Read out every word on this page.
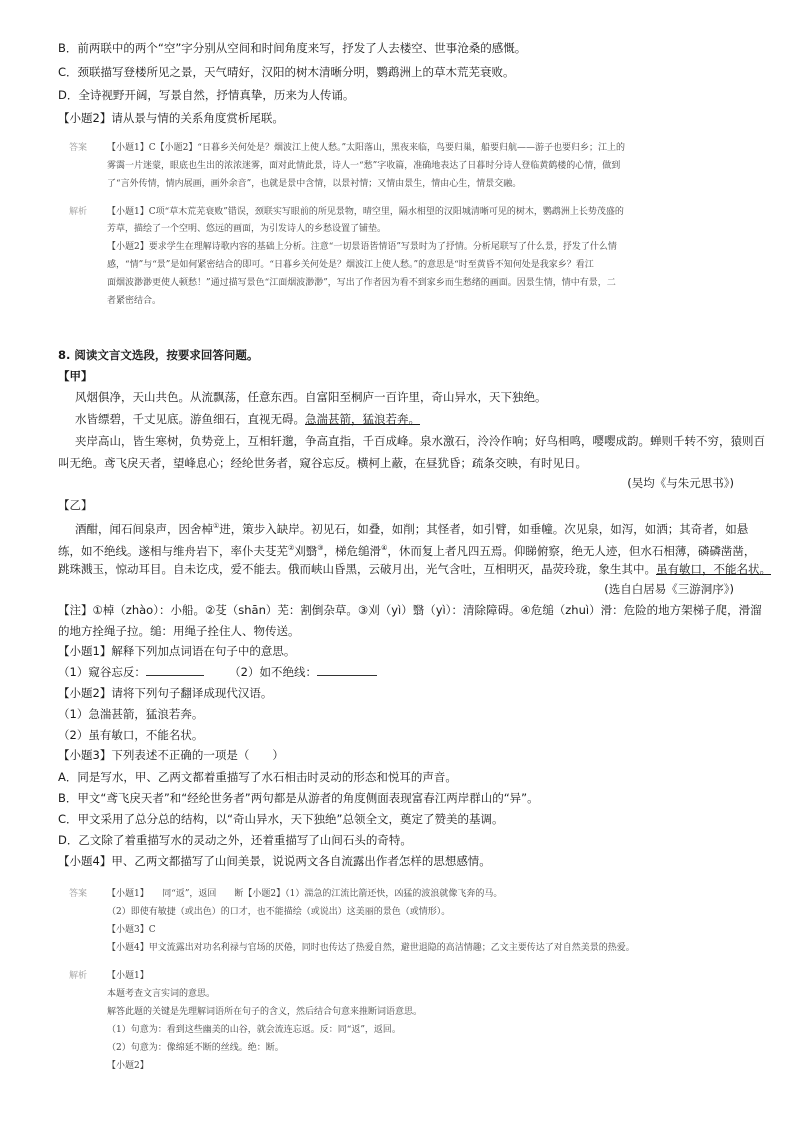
B．前两联中的两个“空”字分别从空间和时间角度来写，抒发了人去楼空、世事沧桑的感慨。
C．颈联描写登楼所见之景，天气晴好，汉阳的树木清晰分明，鹦鹉洲上的草木荒芜衰败。
D．全诗视野开阔，写景自然，抒情真挚，历来为人传诵。
【小题2】请从景与情的关系角度赏析尾联。
答案 【小题1】C【小题2】“日暮乡关何处是？烟波江上使人愁。”太阳落山，黑夜来临，鸟要归巢，船要归航——游子也要归乡；江上的
雾霭一片迷蒙，眼底也生出的浓浓迷雾，面对此情此景，诗人一“愁”字收篇，准确地表达了日暮时分诗人登临黄鹤楼的心情，做到
了“言外传情，情内展画，画外余音”，也就是景中含情，以景衬情；又情由景生，情由心生，情景交融。
解析 【小题1】C项“草木荒芜衰败”错误，颈联实写眼前的所见景物，晴空里，隔水相望的汉阳城清晰可见的树木，鹦鹉洲上长势茂盛的
芳草，描绘了一个空明、悠远的画面，为引发诗人的乡愁设置了铺垫。
【小题2】要求学生在理解诗歌内容的基础上分析。注意“一切景语皆情语”写景时为了抒情。分析尾联写了什么景，抒发了什么情
感，“情”与“景”是如何紧密结合的即可。“日暮乡关何处是？烟波江上使人愁。”的意思是“时至黄昏不知何处是我家乡？看江
面烟波渺渺更使人顿愁！”通过描写景色“江面烟波渺渺”，写出了作者因为看不到家乡而生愁绪的画面。因景生情，情中有景，二
者紧密结合。
8. 阅读文言文选段，按要求回答问题。
【甲】
风烟俱净，天山共色。从流飘荡，任意东西。自富阳至桐庐一百许里，奇山异水，天下独绝。
水皆缥碧，千丈见底。游鱼细石，直视无碍。急湍甚箭，猛浪若奔。
夹岸高山，皆生寒树，负势竞上，互相轩邈，争高直指，千百成峰。泉水激石，泠泠作响；好鸟相鸣，嘤嘤成韵。蝉则千转不穷，猿则百
叫无绝。鸢飞戾天者，望峰息心；经纶世务者，窥谷忘反。横柯上蔽，在昼犹昏；疏条交映，有时见日。
(吴均《与朱元思书》)
【乙】
酒酣，闻石间泉声，因舍棹①进，策步入缺岸。初见石，如叠，如削；其怪者，如引臂，如垂幢。次见泉，如泻，如洒；其奇者，如悬
练，如不绝线。遂相与维舟岩下，率仆夫芟芜②刈翳③，梯危缒滑④，休而复上者凡四五焉。仰睇俯察，绝无人迹，但水石相薄，磷磷凿凿，
跳珠溅玉，惊动耳目。自未讫戌，爱不能去。俄而峡山昏黑，云破月出，光气含吐，互相明灭，晶荧玲珑，象生其中。虽有敏口，不能名状。
(选自白居易《三游洞序》)
【注】①棹（zhào）：小船。②芟（shān）芜：割倒杂草。③刈（yì）翳（yì）：清除障碍。④危缒（zhuì）滑：危险的地方架梯子爬，滑溜
的地方拴绳子拉。缒：用绳子拴住人、物传送。
【小题1】解释下列加点词语在句子中的意思。
（1）窥谷忘反：	（2）如不绝线：
【小题2】请将下列句子翻译成现代汉语。
（1）急湍甚箭，猛浪若奔。
（2）虽有敏口，不能名状。
【小题3】下列表述不正确的一项是（　　）
A．同是写水，甲、乙两文都着重描写了水石相击时灵动的形态和悦耳的声音。
B．甲文“鸢飞戾天者”和“经纶世务者”两句都是从游者的角度侧面表现富春江两岸群山的“异”。
C．甲文采用了总分总的结构，以“奇山异水，天下独绝”总领全文，奠定了赞美的基调。
D．乙文除了着重描写水的灵动之外，还着重描写了山间石头的奇特。
【小题4】甲、乙两文都描写了山间美景，说说两文各自流露出作者怎样的思想感情。
答案 【小题1】　　同“返”，返回　　断【小题2】（1）湍急的江流比箭还快，凶猛的波浪就像飞奔的马。
（2）即使有敏捷（或出色）的口才，也不能描绘（或说出）这美丽的景色（或情形）。
【小题3】C
【小题4】甲文流露出对功名利禄与官场的厌倦，同时也传达了热爱自然，避世退隐的高洁情趣；乙文主要传达了对自然美景的热爱。
解析 【小题1】
本题考查文言实词的意思。
解答此题的关键是先理解词语所在句子的含义，然后结合句意来推断词语意思。
（1）句意为：看到这些幽美的山谷，就会流连忘返。反：同“返”，返回。
（2）句意为：像绵延不断的丝线。绝：断。
【小题2】
